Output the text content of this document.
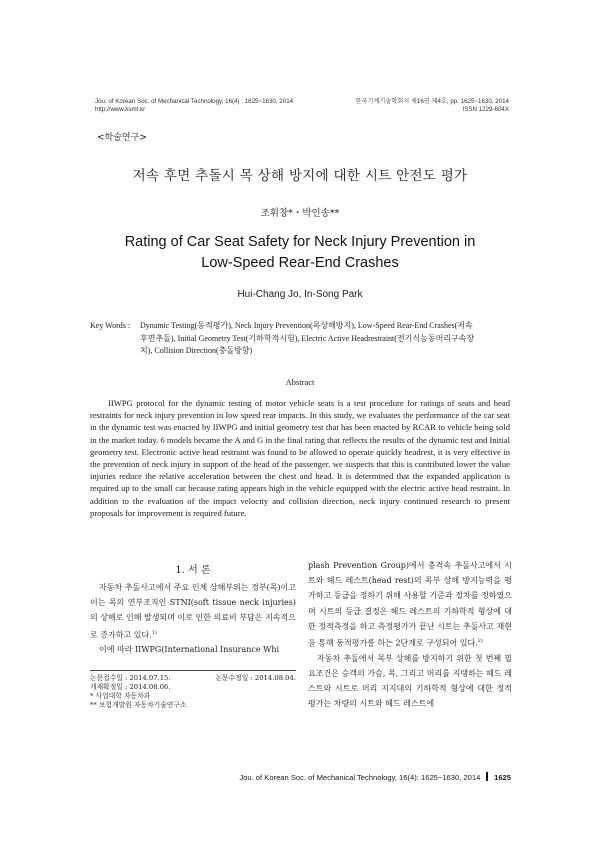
Jou. of Korean Soc. of Mechanical Technology, 16(4) : 1625~1630, 2014
http://www.ksmt.kr
한국기계기술학회지 제16권 제4호, pp. 1625~1630, 2014
ISSN 1229-604X
<학술연구>
저속 후면 추돌시 목 상해 방지에 대한 시트 안전도 평가
조휘창*・박인송**
Rating of Car Seat Safety for Neck Injury Prevention in
Low-Speed Rear-End Crashes
Hui-Chang Jo, In-Song Park
Key Words : Dynamic Testing(동적평가), Neck Injury Prevention(목상해방지), Low-Speed Rear-End Crashes(저속
후면추돌), Initial Geometry Test(기하학적시험), Electric Active Headrestraint(전기식능동머리구속장
치), Collision Direction(충돌방향)
Abstract
IIWPG protocol for the dynamic testing of motor vehicle seats is a test procedure for ratings of seats and head restraints for neck injury prevention in low speed rear impacts. In this study, we evaluates the performance of the car seat in the dynamic test was enacted by IIWPG and initial geometry test that has been enacted by RCAR to vehicle being sold in the market today. 6 models became the A and G in the final rating that reflects the results of the dynamic test and Initial geometry test. Electronic active head restraint was found to be allowed to operate quickly headrest, it is very effective in the prevention of neck injury in support of the head of the passenger. we suspects that this is contributed lower the value injuries reduce the relative acceleration between the chest and head. It is determined that the expanded application is required up to the small car because rating appears high in the vehicle equipped with the electric active head restraint. In addition to the evaluation of the impact velocity and collision direction, neck injury continued research to present proposals for improvement is required future.
1. 서 론

자동차 추돌사고에서 주요 인체 상해부위는 경부(목)이고 이는 목의 연부조직인 STNI(soft tissue neck injuries)의 상해로 인해 발생되며 이로 인한 의료비 부담은 지속적으로 증가하고 있다.$^{1)}$

이에 따라 IIWPG(International Insurance Whi

논문접수일 : 2014.07.15.	논문수정일 : 2014.08.04.
게재확정일 : 2014.08.06.
* 사업대학 자동차과
** 보험개발원 자동차기술연구소

plash Prevention Group)에서 충격속 추돌사고에서 시트와 헤드 레스트(head rest)의 목부 상해 방지능력을 평가하고 등급을 정하기 위해 사용할 기준과 절차를 정하였으며 시트의 등급 결정은 헤드 레스트의 기하학적 형상에 대한 정적측정을 하고 측정평가가 끝난 시트는 추돌사고 재현을 통해 동적평가를 하는 2단계로 구성되어 있다.$^{2)}$

자동차 추돌에서 목부 상해를 방지하기 위한 첫 번째 필요조건은 승객의 가슴, 목, 그리고 머리를 지탱하는 헤드 레스트와 시트로 머리 지지대의 기하학적 형상에 대한 정적 평가는 차량의 시트와 헤드 레스트에

Jou. of Korean Soc. of Mechanical Technology, 16(4): 1625~1630, 2014 1625
